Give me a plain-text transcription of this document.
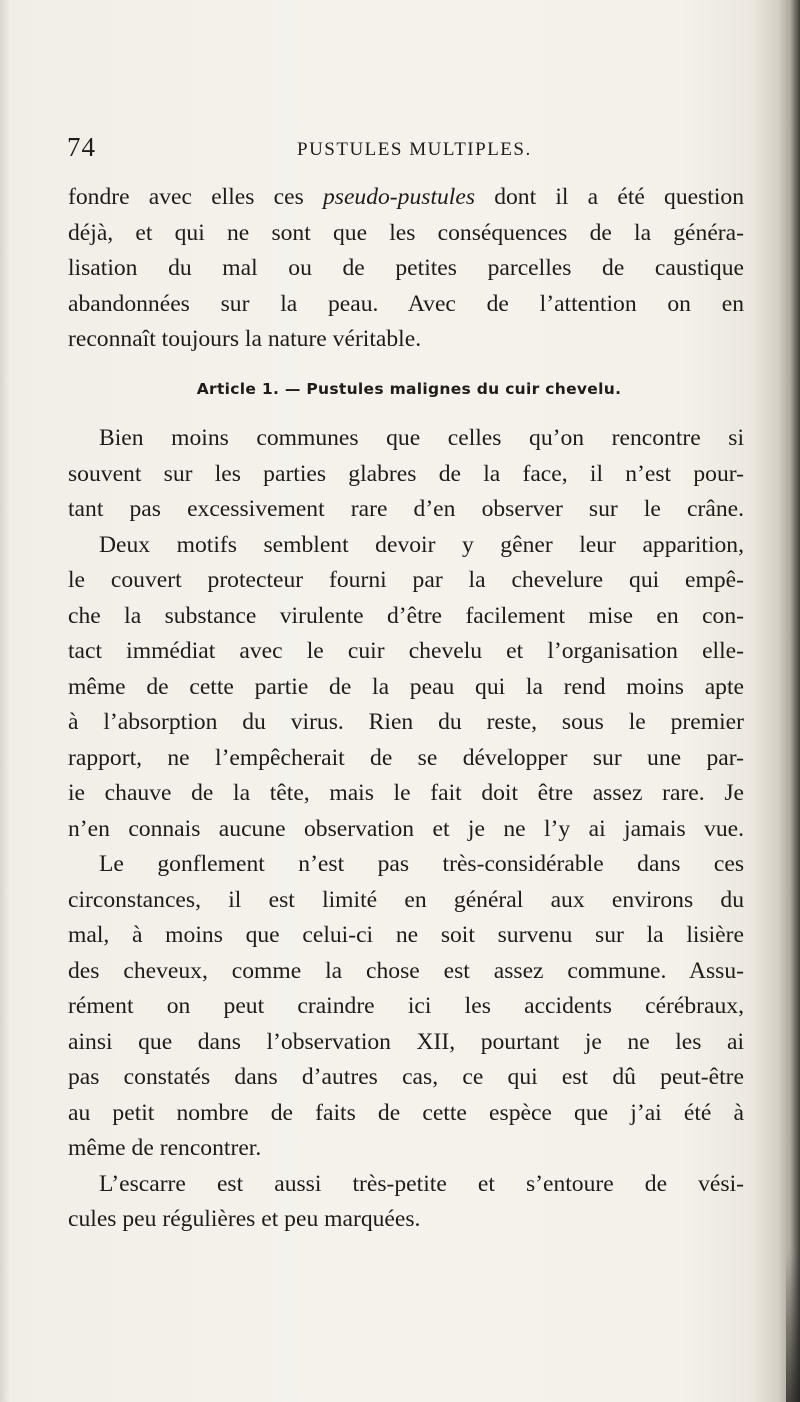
74	PUSTULES MULTIPLES.
fondre avec elles ces pseudo-pustules dont il a été question
déjà, et qui ne sont que les conséquences de la généra-
lisation du mal ou de petites parcelles de caustique
abandonnées sur la peau. Avec de l’attention on en
reconnaît toujours la nature véritable.
Article 1. — Pustules malignes du cuir chevelu.
Bien moins communes que celles qu’on rencontre si
souvent sur les parties glabres de la face, il n’est pour-
tant pas excessivement rare d’en observer sur le crâne.
Deux motifs semblent devoir y gêner leur apparition,
le couvert protecteur fourni par la chevelure qui empê-
che la substance virulente d’être facilement mise en con-
tact immédiat avec le cuir chevelu et l’organisation elle-
même de cette partie de la peau qui la rend moins apte
à l’absorption du virus. Rien du reste, sous le premier
rapport, ne l’empêcherait de se développer sur une par-
ie chauve de la tête, mais le fait doit être assez rare. Je
n’en connais aucune observation et je ne l’y ai jamais vue.
Le gonflement n’est pas très-considérable dans ces
circonstances, il est limité en général aux environs du
mal, à moins que celui-ci ne soit survenu sur la lisière
des cheveux, comme la chose est assez commune. Assu-
rément on peut craindre ici les accidents cérébraux,
ainsi que dans l’observation XII, pourtant je ne les ai
pas constatés dans d’autres cas, ce qui est dû peut-être
au petit nombre de faits de cette espèce que j’ai été à
même de rencontrer.
L’escarre est aussi très-petite et s’entoure de vési-
cules peu régulières et peu marquées.
